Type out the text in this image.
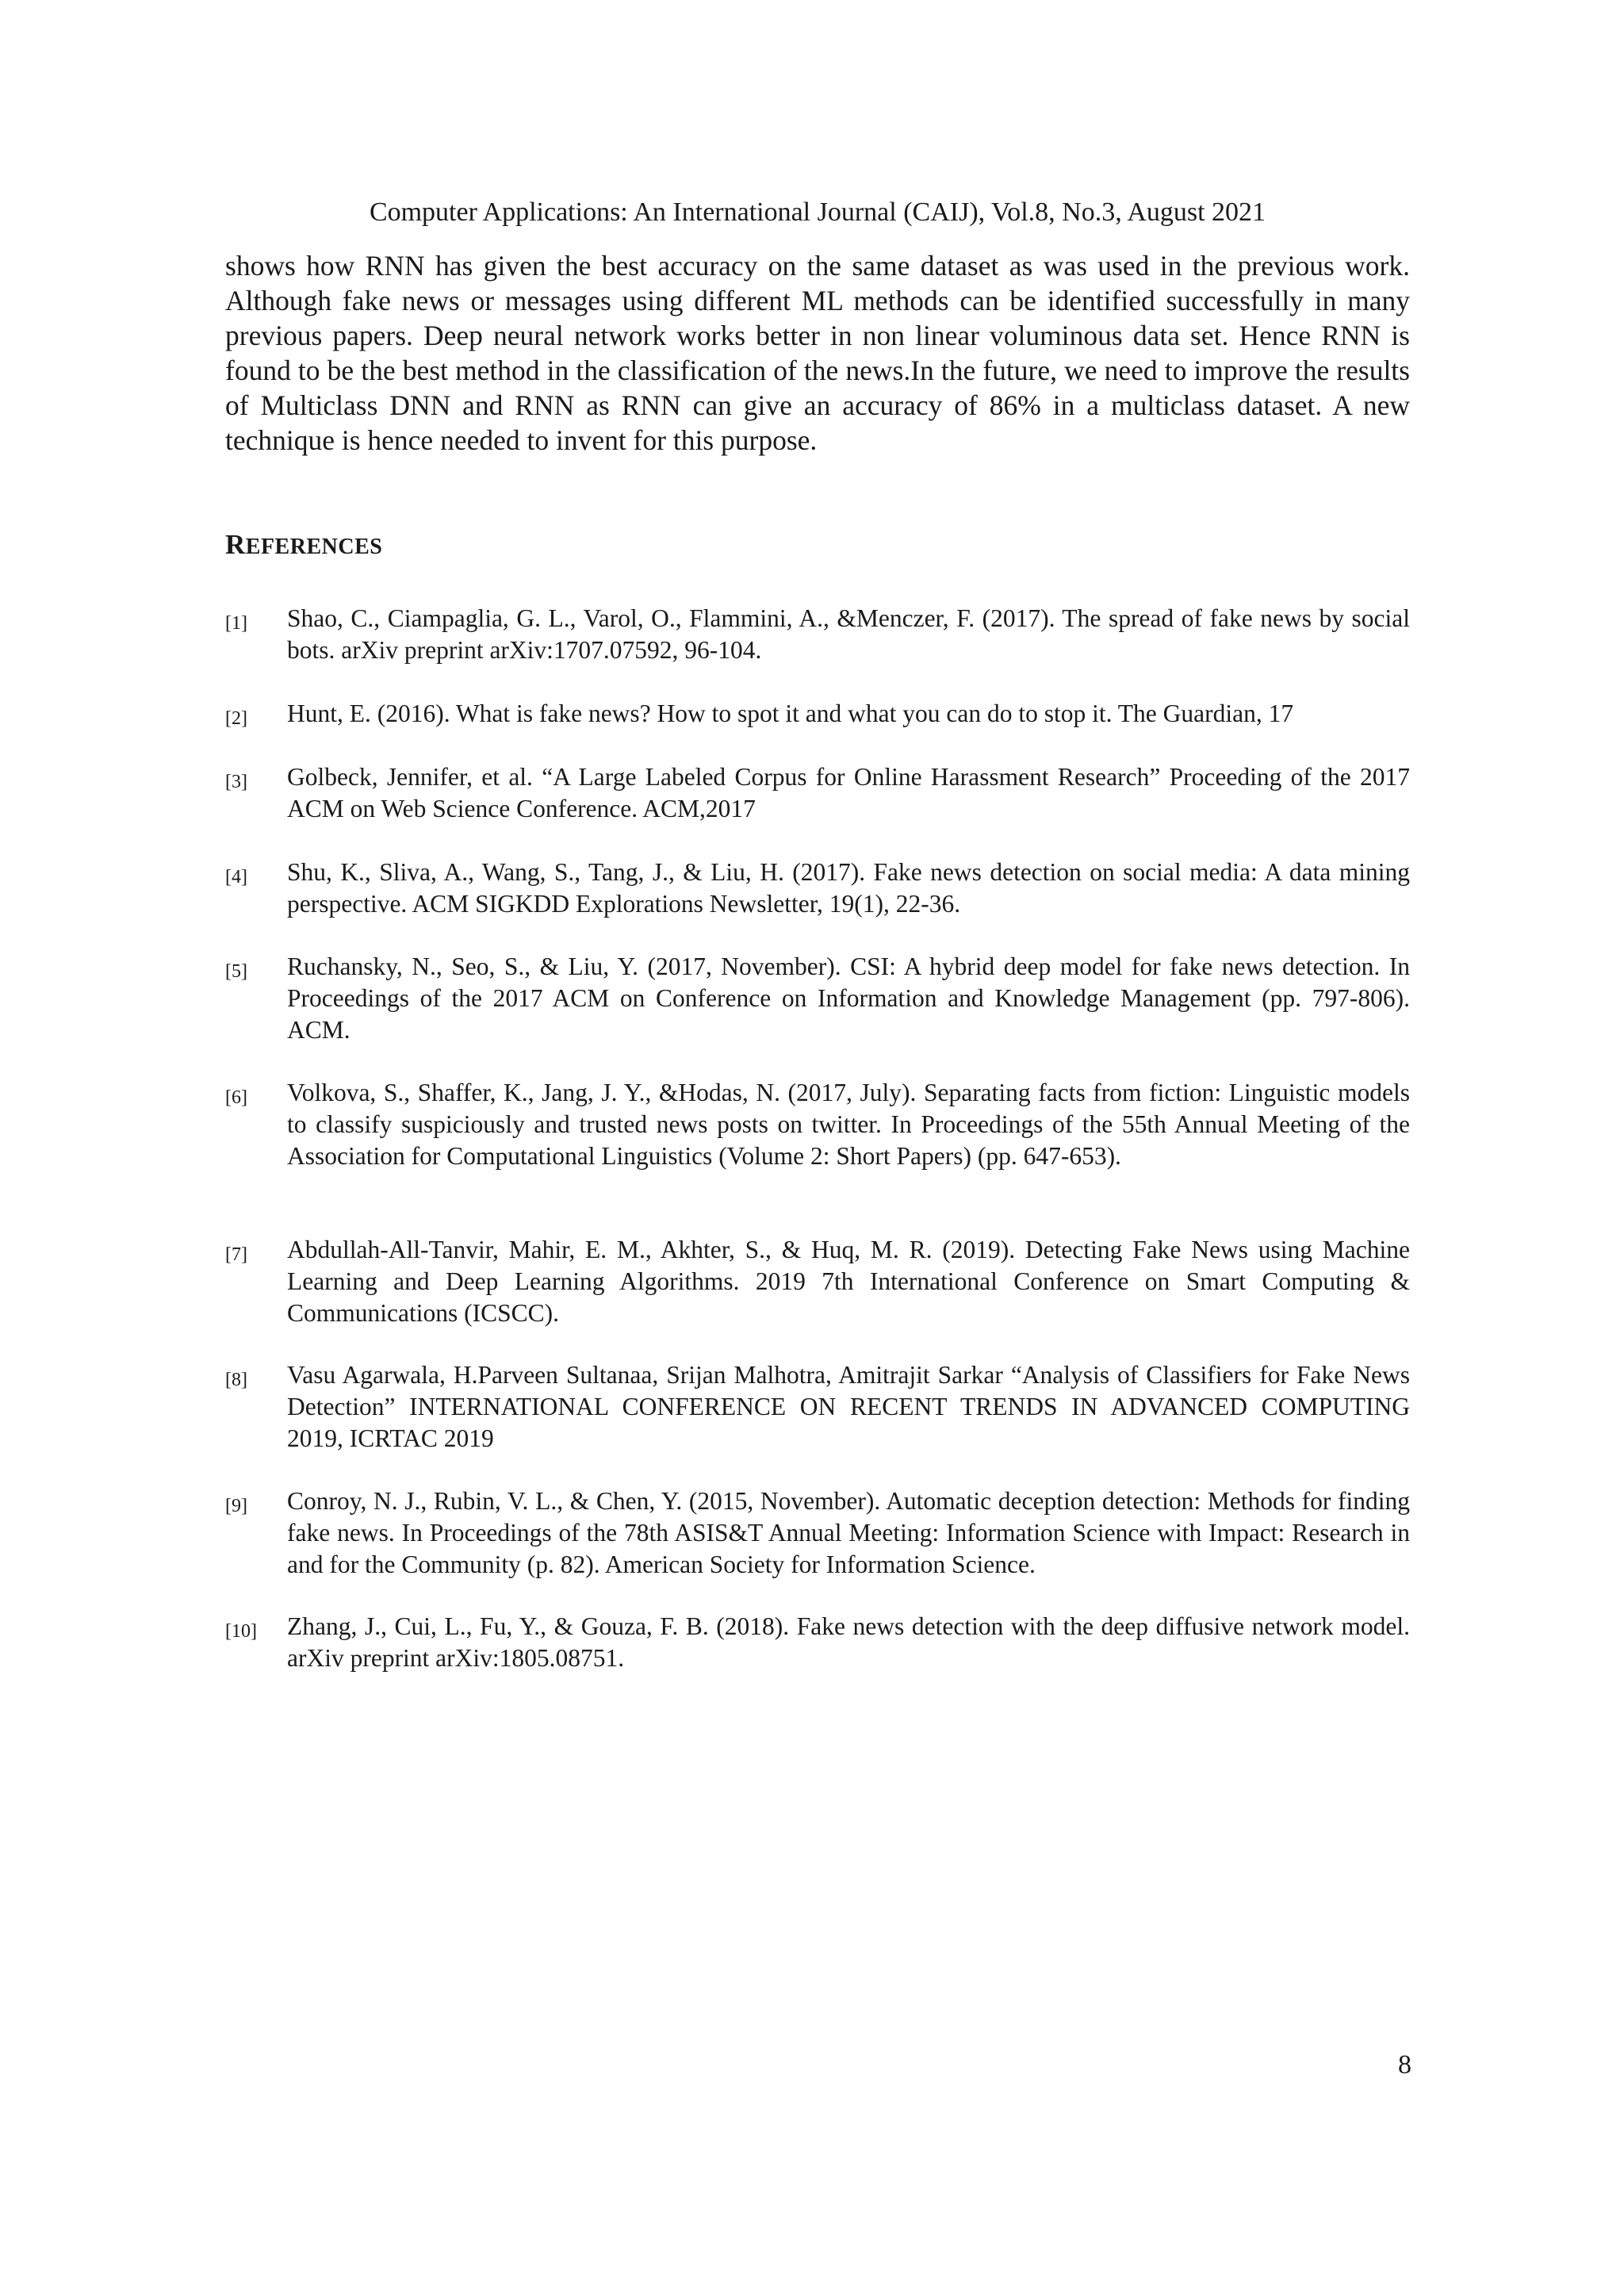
Computer Applications: An International Journal (CAIJ), Vol.8, No.3, August 2021

shows how RNN has given the best accuracy on the same dataset as was used in the previous work. Although fake news or messages using different ML methods can be identified successfully in many previous papers. Deep neural network works better in non linear voluminous data set. Hence RNN is found to be the best method in the classification of the news.In the future, we need to improve the results of Multiclass DNN and RNN as RNN can give an accuracy of 86% in a multiclass dataset. A new technique is hence needed to invent for this purpose.

REFERENCES
[1] Shao, C., Ciampaglia, G. L., Varol, O., Flammini, A., &Menczer, F. (2017). The spread of fake news by social bots. arXiv preprint arXiv:1707.07592, 96-104.
[2] Hunt, E. (2016). What is fake news? How to spot it and what you can do to stop it. The Guardian, 17
[3] Golbeck, Jennifer, et al. “A Large Labeled Corpus for Online Harassment Research” Proceeding of the 2017 ACM on Web Science Conference. ACM,2017
[4] Shu, K., Sliva, A., Wang, S., Tang, J., & Liu, H. (2017). Fake news detection on social media: A data mining perspective. ACM SIGKDD Explorations Newsletter, 19(1), 22-36.
[5] Ruchansky, N., Seo, S., & Liu, Y. (2017, November). CSI: A hybrid deep model for fake news detection. In Proceedings of the 2017 ACM on Conference on Information and Knowledge Management (pp. 797-806). ACM.
[6] Volkova, S., Shaffer, K., Jang, J. Y., &Hodas, N. (2017, July). Separating facts from fiction: Linguistic models to classify suspiciously and trusted news posts on twitter. In Proceedings of the 55th Annual Meeting of the Association for Computational Linguistics (Volume 2: Short Papers) (pp. 647-653).
[7] Abdullah-All-Tanvir, Mahir, E. M., Akhter, S., & Huq, M. R. (2019). Detecting Fake News using Machine Learning and Deep Learning Algorithms. 2019 7th International Conference on Smart Computing & Communications (ICSCC).
[8] Vasu Agarwala, H.Parveen Sultanaa, Srijan Malhotra, Amitrajit Sarkar “Analysis of Classifiers for Fake News Detection” INTERNATIONAL CONFERENCE ON RECENT TRENDS IN ADVANCED COMPUTING 2019, ICRTAC 2019
[9] Conroy, N. J., Rubin, V. L., & Chen, Y. (2015, November). Automatic deception detection: Methods for finding fake news. In Proceedings of the 78th ASIS&T Annual Meeting: Information Science with Impact: Research in and for the Community (p. 82). American Society for Information Science.
[10] Zhang, J., Cui, L., Fu, Y., & Gouza, F. B. (2018). Fake news detection with the deep diffusive network model. arXiv preprint arXiv:1805.08751.
8
